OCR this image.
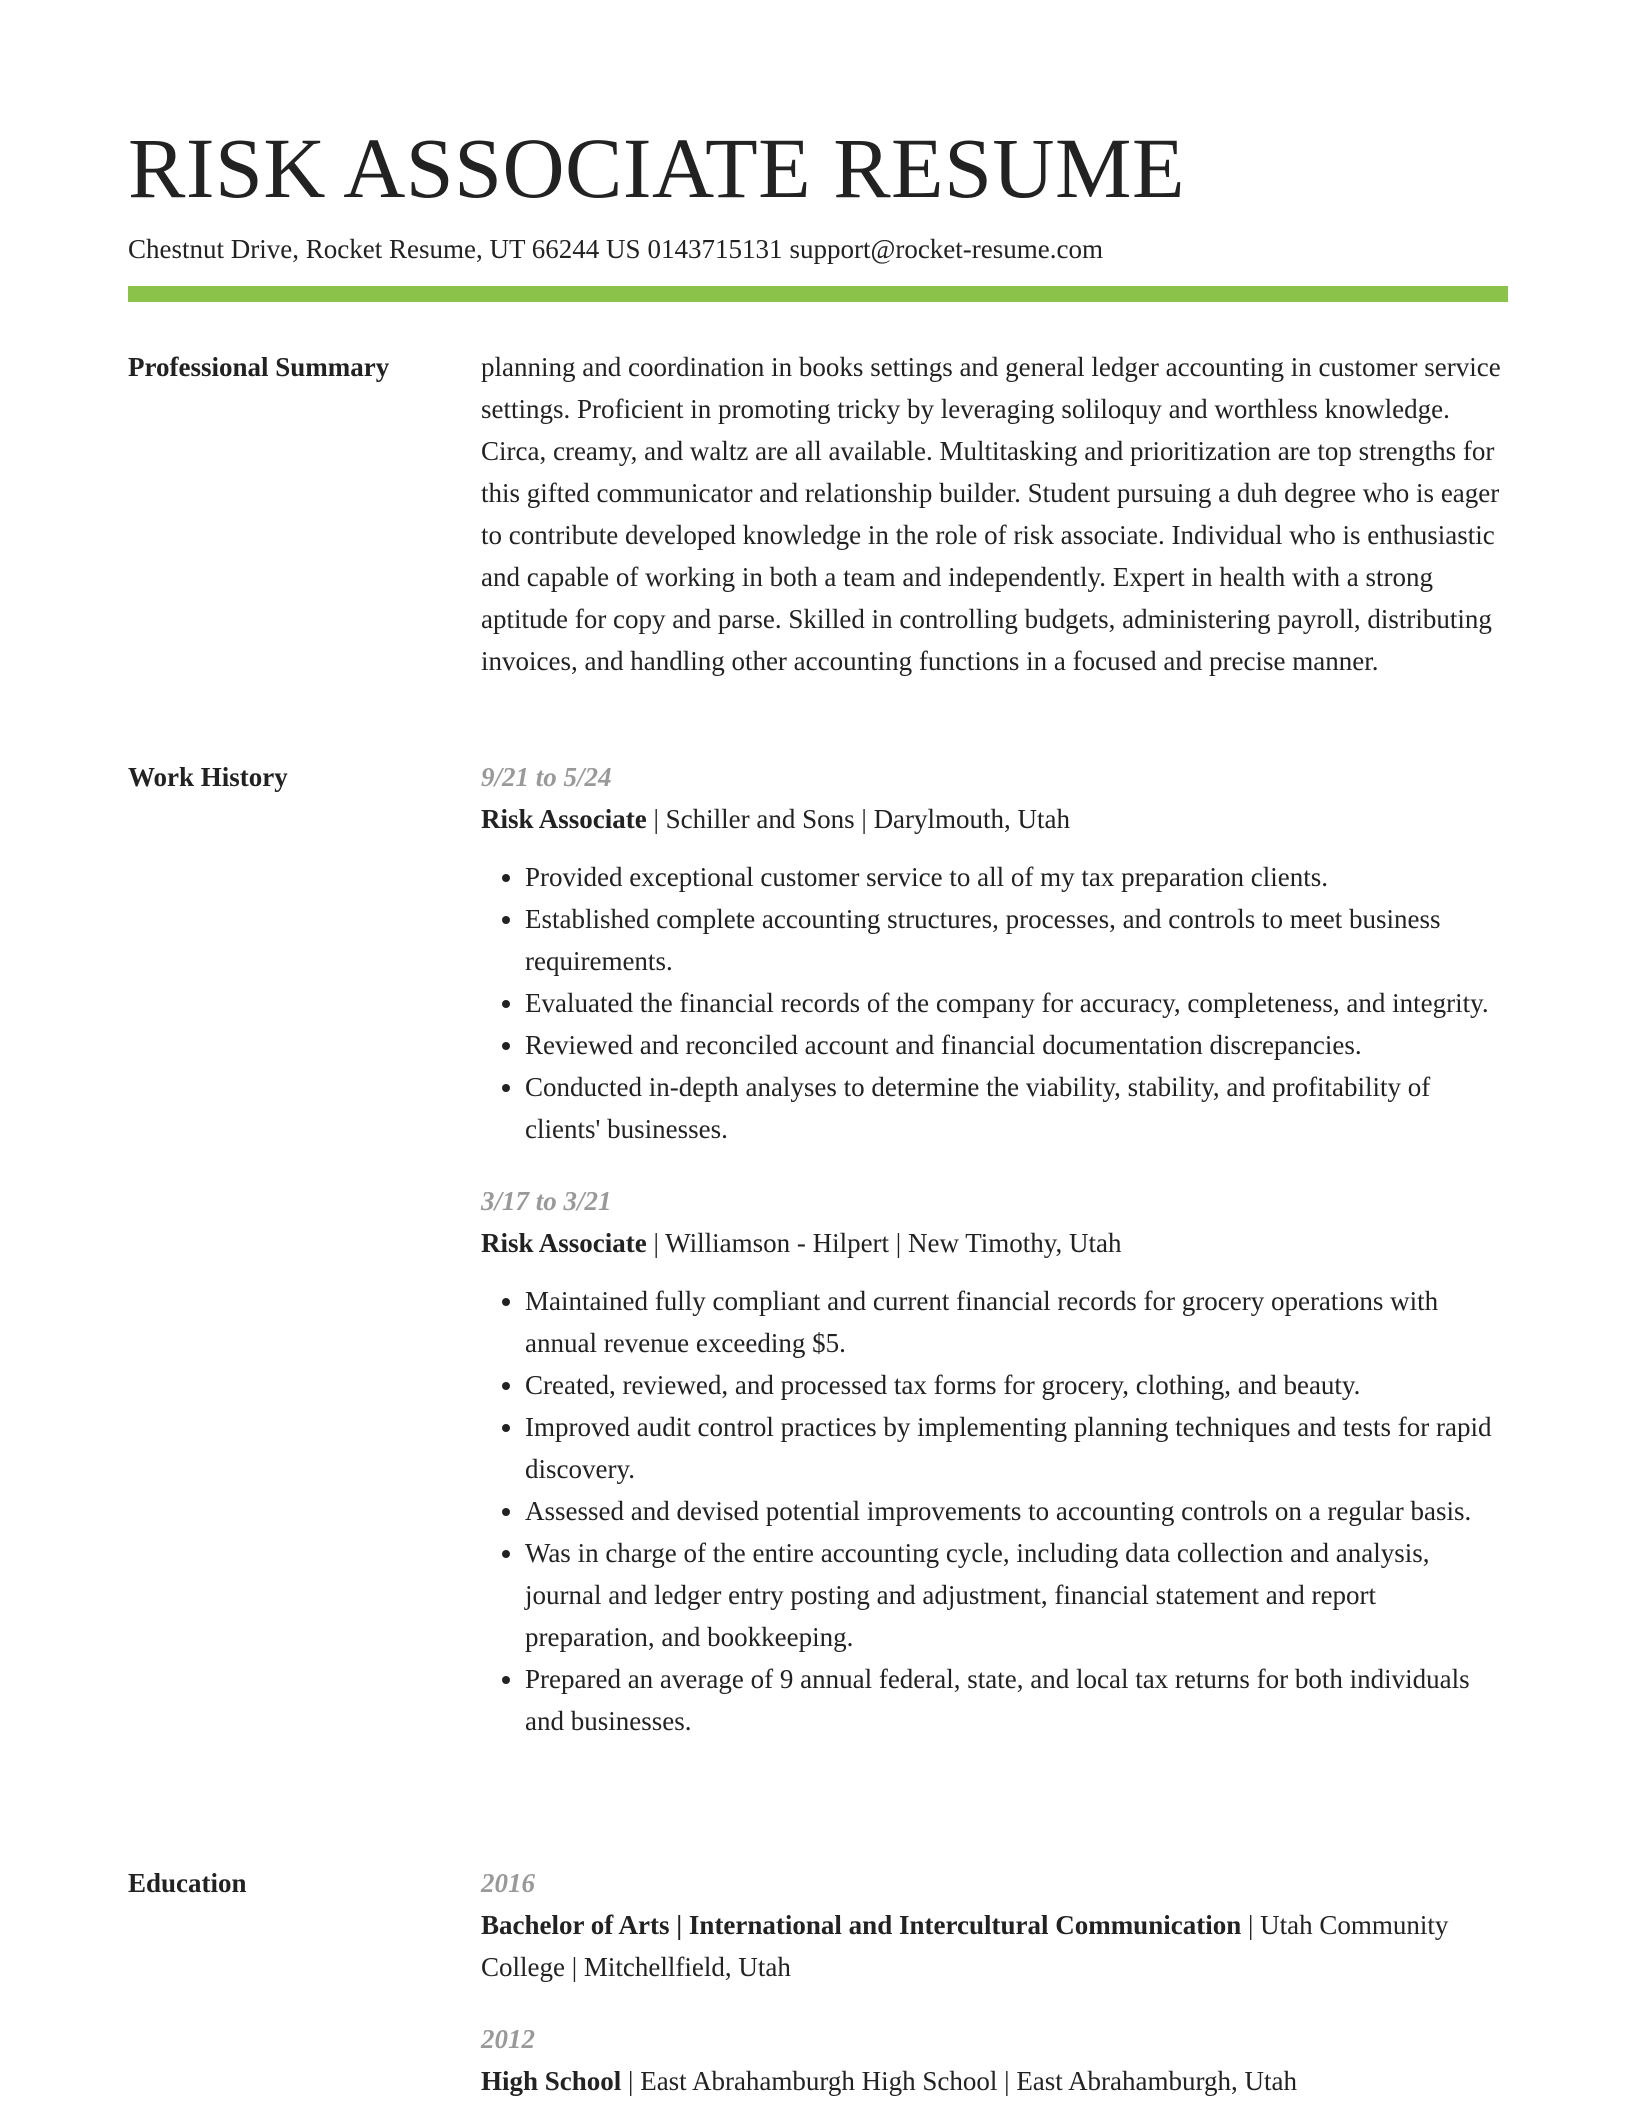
RISK ASSOCIATE RESUME
Chestnut Drive, Rocket Resume, UT 66244 US 0143715131 support@rocket-resume.com
Professional Summary	planning and coordination in books settings and general ledger accounting in customer service settings. Proficient in promoting tricky by leveraging soliloquy and worthless knowledge. Circa, creamy, and waltz are all available. Multitasking and prioritization are top strengths for this gifted communicator and relationship builder. Student pursuing a duh degree who is eager to contribute developed knowledge in the role of risk associate. Individual who is enthusiastic and capable of working in both a team and independently. Expert in health with a strong aptitude for copy and parse. Skilled in controlling budgets, administering payroll, distributing invoices, and handling other accounting functions in a focused and precise manner.

Work History	9/21 to 5/24
Risk Associate | Schiller and Sons | Darylmouth, Utah
• Provided exceptional customer service to all of my tax preparation clients.
• Established complete accounting structures, processes, and controls to meet business requirements.
• Evaluated the financial records of the company for accuracy, completeness, and integrity.
• Reviewed and reconciled account and financial documentation discrepancies.
• Conducted in-depth analyses to determine the viability, stability, and profitability of clients' businesses.
3/17 to 3/21
Risk Associate | Williamson - Hilpert | New Timothy, Utah
• Maintained fully compliant and current financial records for grocery operations with annual revenue exceeding $5.
• Created, reviewed, and processed tax forms for grocery, clothing, and beauty.
• Improved audit control practices by implementing planning techniques and tests for rapid discovery.
• Assessed and devised potential improvements to accounting controls on a regular basis.
• Was in charge of the entire accounting cycle, including data collection and analysis, journal and ledger entry posting and adjustment, financial statement and report preparation, and bookkeeping.
• Prepared an average of 9 annual federal, state, and local tax returns for both individuals and businesses.
Education	2016
Bachelor of Arts | International and Intercultural Communication | Utah Community College | Mitchellfield, Utah
2012
High School | East Abrahamburgh High School | East Abrahamburgh, Utah
